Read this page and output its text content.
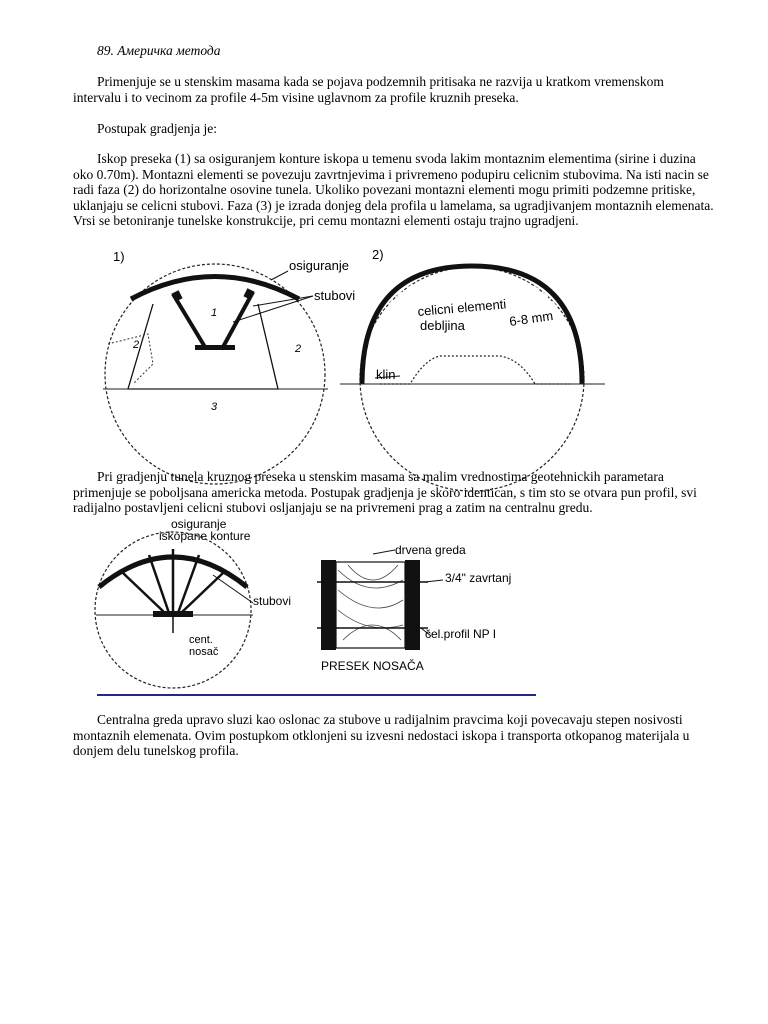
89. Америчка метода

Primenjuje se u stenskim masama kada se pojava podzemnih pritisaka ne razvija u kratkom vremenskom intervalu i to vecinom za profile 4-5m visine uglavnom za profile kruznih preseka.

Postupak gradjenja je:

Iskop preseka (1) sa osiguranjem konture iskopa u temenu svoda lakim montaznim elementima (sirine i duzina oko 0.70m). Montazni elementi se povezuju zavrtnjevima i privremeno podupiru celicnim stubovima. Na isti nacin se radi faza (2) do horizontalne osovine tunela. Ukoliko povezani montazni elementi mogu primiti podzemne pritiske, uklanjaju se celicni stubovi. Faza (3) je izrada donjeg dela profila u lamelama, sa ugradjivanjem montaznih elemenata. Vrsi se betoniranje tunelske konstrukcije, pri cemu montazni elementi ostaju trajno ugradjeni.

1)
1
2	2
3
osiguranje
stubovi
2)
celicni elementi
debljina	6-8 mm
klin

Pri gradjenju tunela kruznog preseka u stenskim masama sa malim vrednostima geotehnickih parametara primenjuje se poboljsana americka metoda. Postupak gradjenja je skoro identican, s tim sto se otvara pun profil, svi radijalno postavljeni celicni stubovi osljanjaju se na privremeni prag a zatim na centralnu gredu.

osiguranje
iskopane konture
stubovi
cent.
nosač
drvena greda
3/4" zavrtanj
čel.profil NP I
PRESEK NOSAČA

Centralna greda upravo sluzi kao oslonac za stubove u radijalnim pravcima koji povecavaju stepen nosivosti montaznih elemenata. Ovim postupkom otklonjeni su izvesni nedostaci iskopa i transporta otkopanog materijala u donjem delu tunelskog profila.
